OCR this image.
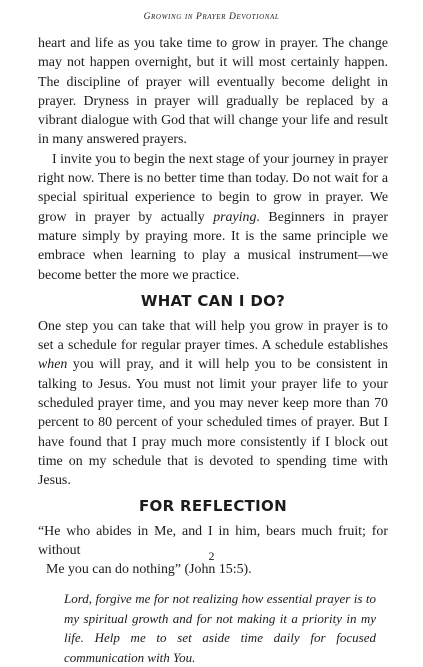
Growing in Prayer Devotional

heart and life as you take time to grow in prayer. The change may not happen overnight, but it will most certainly happen. The discipline of prayer will eventually become delight in prayer. Dryness in prayer will gradually be replaced by a vibrant dialogue with God that will change your life and result in many answered prayers.

I invite you to begin the next stage of your journey in prayer right now. There is no better time than today. Do not wait for a special spiritual experience to begin to grow in prayer. We grow in prayer by actually praying. Beginners in prayer mature simply by praying more. It is the same principle we embrace when learning to play a musical instrument—we become better the more we practice.

WHAT CAN I DO?

One step you can take that will help you grow in prayer is to set a schedule for regular prayer times. A schedule establishes when you will pray, and it will help you to be consistent in talking to Jesus. You must not limit your prayer life to your scheduled prayer time, and you may never keep more than 70 percent to 80 percent of your scheduled times of prayer. But I have found that I pray much more consistently if I block out time on my schedule that is devoted to spending time with Jesus.

FOR REFLECTION

“He who abides in Me, and I in him, bears much fruit; for without
Me you can do nothing” (John 15:5).

Lord, forgive me for not realizing how essential prayer is to my spiritual growth and for not making it a priority in my life. Help me to set aside time daily for focused communication with You.

2
